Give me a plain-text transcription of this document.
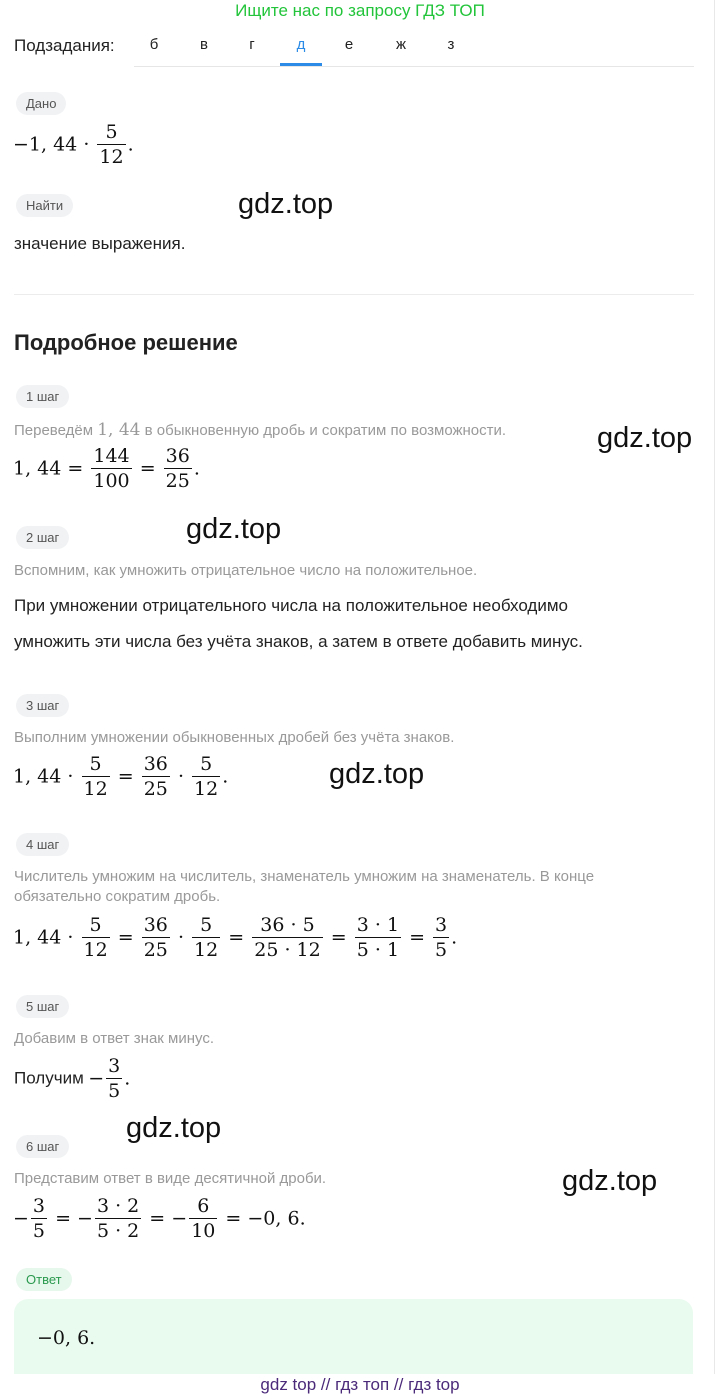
Ищите нас по запросу ГДЗ ТОП
Подзадания:	б	в	г	д	е	ж	з
Дано
−1, $44 \cdot \frac{5}{12}$ .
Найти
значение выражения.
Подробное решение
1 шаг
Переведём 1, 44 в обыкновенную дробь и сократим по возможности.
1, $44 = \frac{144}{100} = \frac{36}{25}$ .
2 шаг
Вспомним, как умножить отрицательное число на положительное.
При умножении отрицательного числа на положительное необходимо
умножить эти числа без учёта знаков, а затем в ответе добавить минус.
3 шаг
Выполним умножении обыкновенных дробей без учёта знаков.
1, $44 \cdot \frac{5}{12} = \frac{36}{25} \cdot \frac{5}{12}$ .
4 шаг
Числитель умножим на числитель, знаменатель умножим на знаменатель. В конце
обязательно сократим дробь.
1, $44 \cdot \frac{5}{12} = \frac{36}{25} \cdot \frac{5}{12} = \frac{36 \cdot 5}{25 \cdot 12} = \frac{3 \cdot 1}{5 \cdot 1} = \frac{3}{5}$ .
5 шаг
Добавим в ответ знак минус.
Получим − $\frac{3}{5}$ .
6 шаг
Представим ответ в виде десятичной дроби.
− $\frac{3}{5}$ = − $\frac{3 \cdot 2}{5 \cdot 2}$ = − $\frac{6}{10} = -0$, 6.
Ответ
−0, 6.
gdz.top
gdz.top
gdz.top
gdz.top
gdz.top
gdz.top
gdz top // гдз топ // гдз top
